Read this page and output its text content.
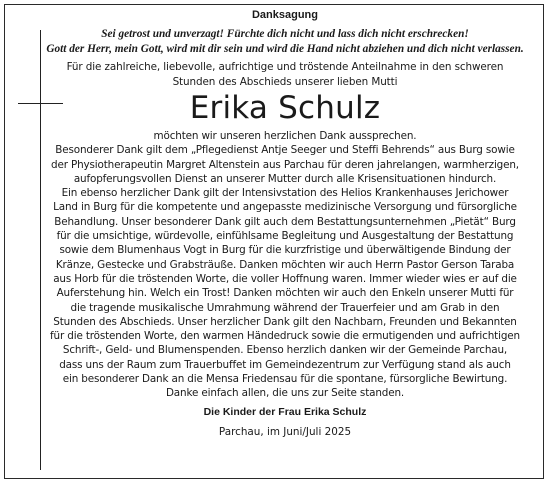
Danksagung
Sei getrost und unverzagt! Fürchte dich nicht und lass dich nicht erschrecken!
Gott der Herr, mein Gott, wird mit dir sein und wird die Hand nicht abziehen und dich nicht verlassen.
Für die zahlreiche, liebevolle, aufrichtige und tröstende Anteilnahme in den schweren
Stunden des Abschieds unserer lieben Mutti
Erika Schulz
möchten wir unseren herzlichen Dank aussprechen.
Besonderer Dank gilt dem „Pflegedienst Antje Seeger und Steffi Behrends“ aus Burg sowie
der Physiotherapeutin Margret Altenstein aus Parchau für deren jahrelangen, warmherzigen,
aufopferungsvollen Dienst an unserer Mutter durch alle Krisensituationen hindurch.
Ein ebenso herzlicher Dank gilt der Intensivstation des Helios Krankenhauses Jerichower
Land in Burg für die kompetente und angepasste medizinische Versorgung und fürsorgliche
Behandlung. Unser besonderer Dank gilt auch dem Bestattungsunternehmen „Pietät“ Burg
für die umsichtige, würdevolle, einfühlsame Begleitung und Ausgestaltung der Bestattung
sowie dem Blumenhaus Vogt in Burg für die kurzfristige und überwältigende Bindung der
Kränze, Gestecke und Grabsträuße. Danken möchten wir auch Herrn Pastor Gerson Taraba
aus Horb für die tröstenden Worte, die voller Hoffnung waren. Immer wieder wies er auf die
Auferstehung hin. Welch ein Trost! Danken möchten wir auch den Enkeln unserer Mutti für
die tragende musikalische Umrahmung während der Trauerfeier und am Grab in den
Stunden des Abschieds. Unser herzlicher Dank gilt den Nachbarn, Freunden und Bekannten
für die tröstenden Worte, den warmen Händedruck sowie die ermutigenden und aufrichtigen
Schrift-, Geld- und Blumenspenden. Ebenso herzlich danken wir der Gemeinde Parchau,
dass uns der Raum zum Trauerbuffet im Gemeindezentrum zur Verfügung stand als auch
ein besonderer Dank an die Mensa Friedensau für die spontane, fürsorgliche Bewirtung.
Danke einfach allen, die uns zur Seite standen.
Die Kinder der Frau Erika Schulz
Parchau, im Juni/Juli 2025
